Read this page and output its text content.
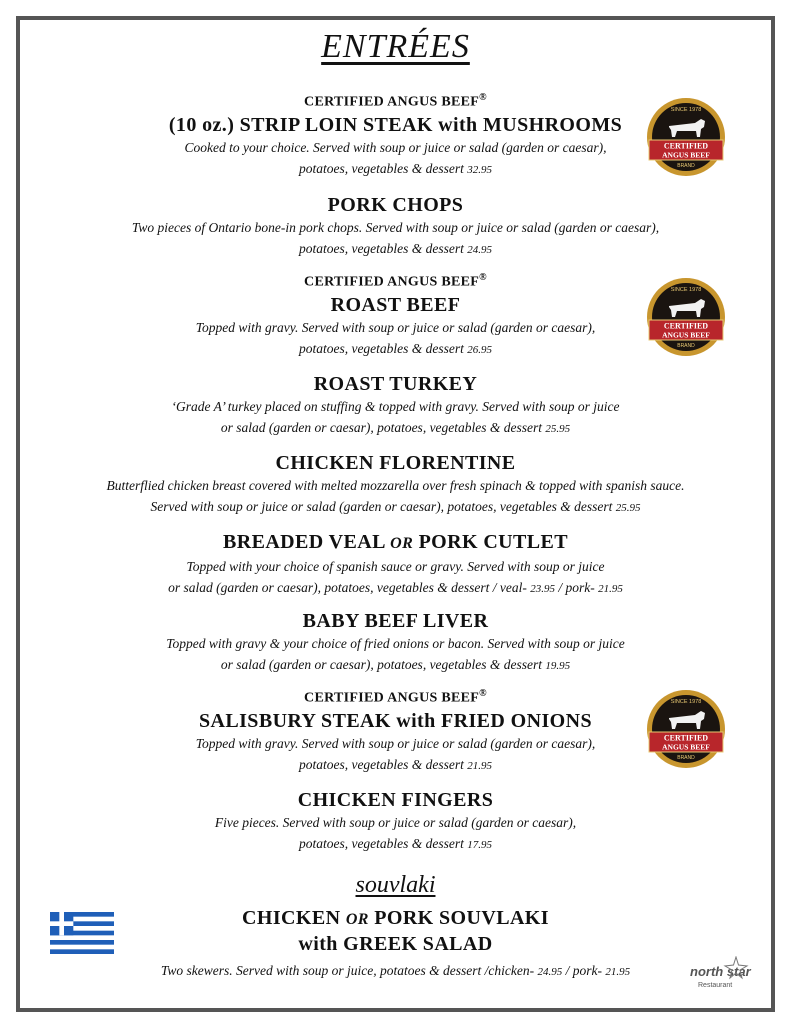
ENTRÉES
CERTIFIED ANGUS BEEF®
(10 oz.) STRIP LOIN STEAK with MUSHROOMS
Cooked to your choice. Served with soup or juice or salad (garden or caesar),
potatoes, vegetables & dessert 32.95
PORK CHOPS
Two pieces of Ontario bone-in pork chops. Served with soup or juice or salad (garden or caesar),
potatoes, vegetables & dessert 24.95
CERTIFIED ANGUS BEEF®
ROAST BEEF
Topped with gravy. Served with soup or juice or salad (garden or caesar),
potatoes, vegetables & dessert 26.95
ROAST TURKEY
‘Grade A’ turkey placed on stuffing & topped with gravy. Served with soup or juice
or salad (garden or caesar), potatoes, vegetables & dessert 25.95
CHICKEN FLORENTINE
Butterflied chicken breast covered with melted mozzarella over fresh spinach & topped with spanish sauce.
Served with soup or juice or salad (garden or caesar), potatoes, vegetables & dessert 25.95
BREADED VEAL OR PORK CUTLET
Topped with your choice of spanish sauce or gravy. Served with soup or juice
or salad (garden or caesar), potatoes, vegetables & dessert / veal- 23.95 / pork- 21.95
BABY BEEF LIVER
Topped with gravy & your choice of fried onions or bacon. Served with soup or juice
or salad (garden or caesar), potatoes, vegetables & dessert 19.95
CERTIFIED ANGUS BEEF®
SALISBURY STEAK with FRIED ONIONS
Topped with gravy. Served with soup or juice or salad (garden or caesar),
potatoes, vegetables & dessert 21.95
CHICKEN FINGERS
Five pieces. Served with soup or juice or salad (garden or caesar),
potatoes, vegetables & dessert 17.95
souvlaki
CHICKEN OR PORK SOUVLAKI
with GREEK SALAD
Two skewers. Served with soup or juice, potatoes & dessert /chicken- 24.95 / pork- 21.95
SINCE 1978
CERTIFIED
ANGUS BEEF
BRAND
SINCE 1978
CERTIFIED
ANGUS BEEF
BRAND
SINCE 1978
CERTIFIED
ANGUS BEEF
BRAND
north star
Restaurant
